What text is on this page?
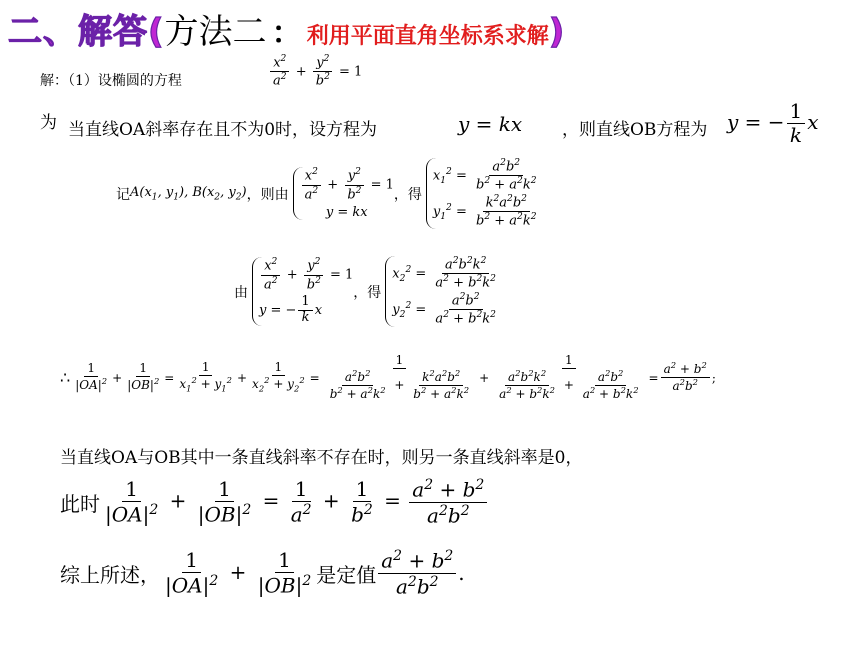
二、解答(方法二 ： 利用平面直角坐标系求解)
解：（1）设椭圆的方程	$\frac{x^2}{a^2} + \frac{y^2}{b^2} = 1$
为 当直线OA斜率存在且不为0时，设方程为	y = kx ，则直线OB方程为 y = − $\frac{1}{k}$ x
记 $A(x_1$, $y_1$), $B(x_2$, $y_2$) ，则由 $\frac{x^2}{a^2} + \frac{y^2}{b^2} = 1$
y = kx
，得
$x_1^2 = \frac{a^2b^2}{b^2 + a^2k^2}$
$y_1^2 = \frac{k^2a^2b^2}{b^2 + a^2k^2}$
由 $\frac{x^2}{a^2} + \frac{y^2}{b^2} = 1$
y = − $\frac{1}{k}$ x
，得
$x_2^2 = \frac{a^2b^2k^2}{a^2 + b^2k^2}$
$y_2^2 = \frac{a^2b^2}{a^2 + b^2k^2}$
∴ $\frac{1}{|OA|^2} + \frac{1}{|OB|^2} = \frac{1}{x_1^2 + y_1^2} + \frac{1}{x_2^2 + y_2^2} = \frac{1}{\frac{a^2b^2}{b^2 + a^2k^2} + \frac{k^2a^2b^2}{b^2 + a^2k^2}} + \frac{1}{\frac{a^2b^2k^2}{a^2 + b^2k^2} + \frac{a^2b^2}{a^2 + b^2k^2}} = \frac{a^2 + b^2}{a^2b^2}$ ;
当直线OA与OB其中一条直线斜率不存在时，则另一条直线斜率是0，
此时 $\frac{1}{|OA|^2} + \frac{1}{|OB|^2} = \frac{1}{a^2} + \frac{1}{b^2} = \frac{a^2 + b^2}{a^2b^2}$
综上所述， $\frac{1}{|OA|^2} + \frac{1}{|OB|^2}$ 是定值 $\frac{a^2 + b^2}{a^2b^2}$ .
